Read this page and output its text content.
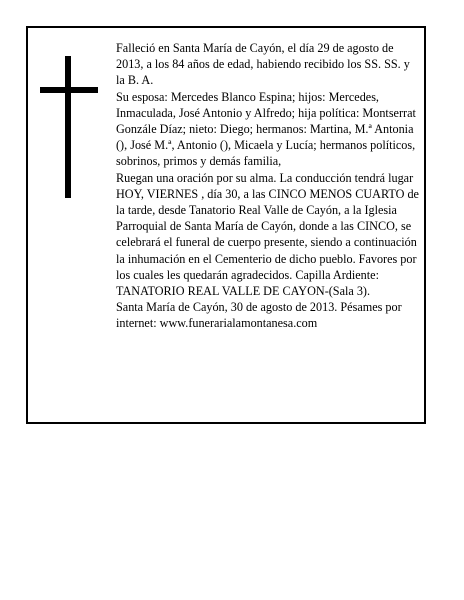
Falleció en Santa María de Cayón, el día 29 de agosto de 2013, a los 84 años de edad, habiendo recibido los SS. SS. y la B. A.

Su esposa: Mercedes Blanco Espina; hijos: Mercedes, Inmaculada, José Antonio y Alfredo; hija política: Montserrat Gonzále Díaz; nieto: Diego; hermanos: Martina, M.ª Antonia (), José M.ª, Antonio (), Micaela y Lucía; hermanos políticos, sobrinos, primos y demás familia,

Ruegan una oración por su alma. La conducción tendrá lugar HOY, VIERNES , día 30, a las CINCO MENOS CUARTO de la tarde, desde Tanatorio Real Valle de Cayón, a la Iglesia Parroquial de Santa María de Cayón, donde a las CINCO, se celebrará el funeral de cuerpo presente, siendo a continuación la inhumación en el Cementerio de dicho pueblo. Favores por los cuales les quedarán agradecidos. Capilla Ardiente: TANATORIO REAL VALLE DE CAYON-(Sala 3).

Santa María de Cayón, 30 de agosto de 2013. Pésames por internet: www.funerarialamontanesa.com
